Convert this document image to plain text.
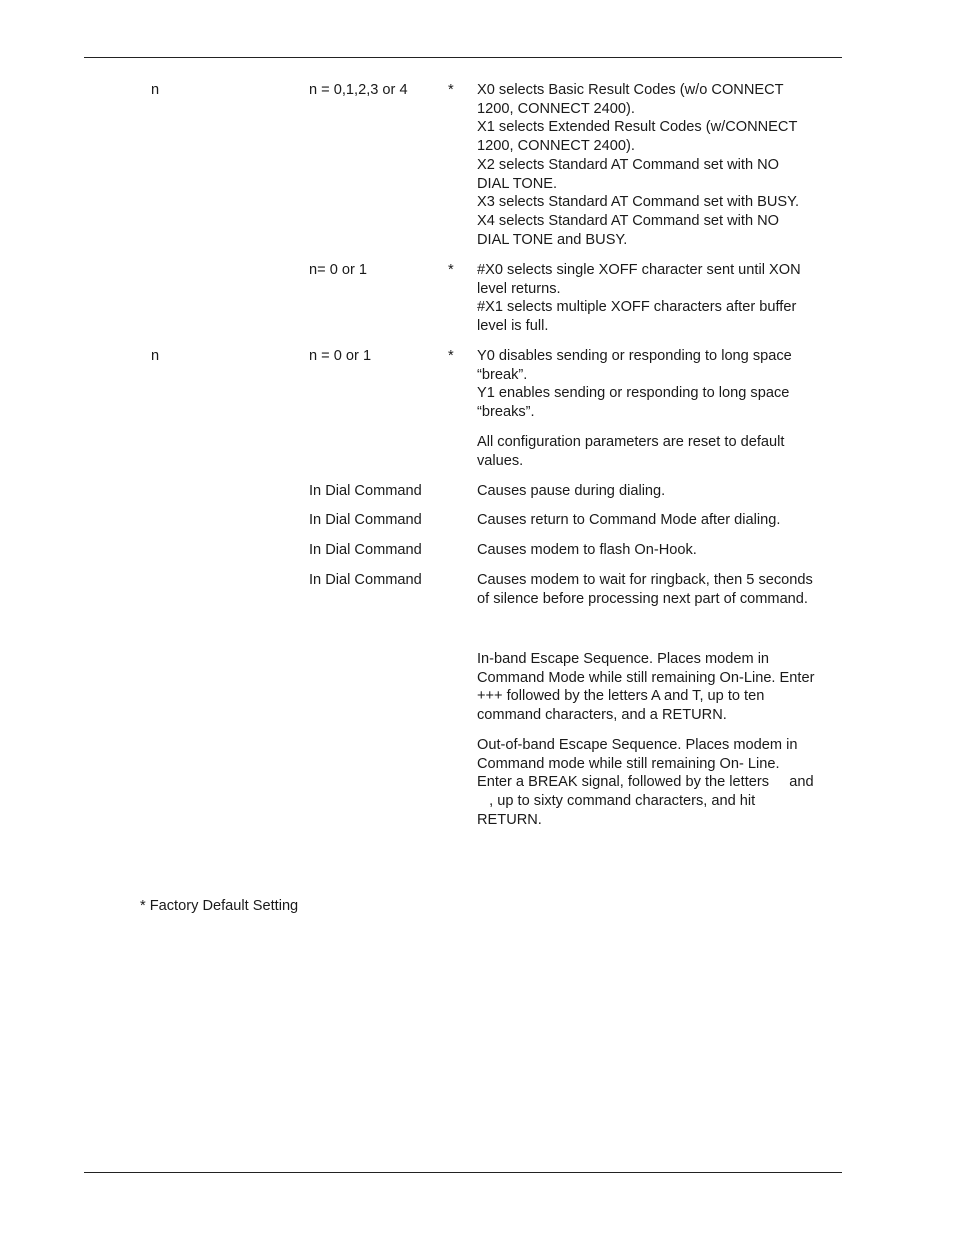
n	n = 0,1,2,3 or 4	* X0 selects Basic Result Codes (w/o CONNECT
1200, CONNECT 2400).
X1 selects Extended Result Codes (w/CONNECT
1200, CONNECT 2400).
X2 selects Standard AT Command set with NO
DIAL TONE.
X3 selects Standard AT Command set with BUSY.
X4 selects Standard AT Command set with NO
DIAL TONE and BUSY.
n= 0 or 1	* #X0 selects single XOFF character sent until XON
level returns.
#X1 selects multiple XOFF characters after buffer
level is full.
n	n = 0 or 1	* Y0 disables sending or responding to long space
“break”.
Y1 enables sending or responding to long space
“breaks”.
All configuration parameters are reset to default
values.
In Dial Command	Causes pause during dialing.
In Dial Command	Causes return to Command Mode after dialing.
In Dial Command	Causes modem to flash On-Hook.
In Dial Command	Causes modem to wait for ringback, then 5 seconds
of silence before processing next part of command.
In-band Escape Sequence. Places modem in
Command Mode while still remaining On-Line. Enter
+++ followed by the letters A and T, up to ten
command characters, and a RETURN.
Out-of-band Escape Sequence. Places modem in
Command mode while still remaining On- Line.
Enter a BREAK signal, followed by the letters     and
, up to sixty command characters, and hit
RETURN.
* Factory Default Setting
